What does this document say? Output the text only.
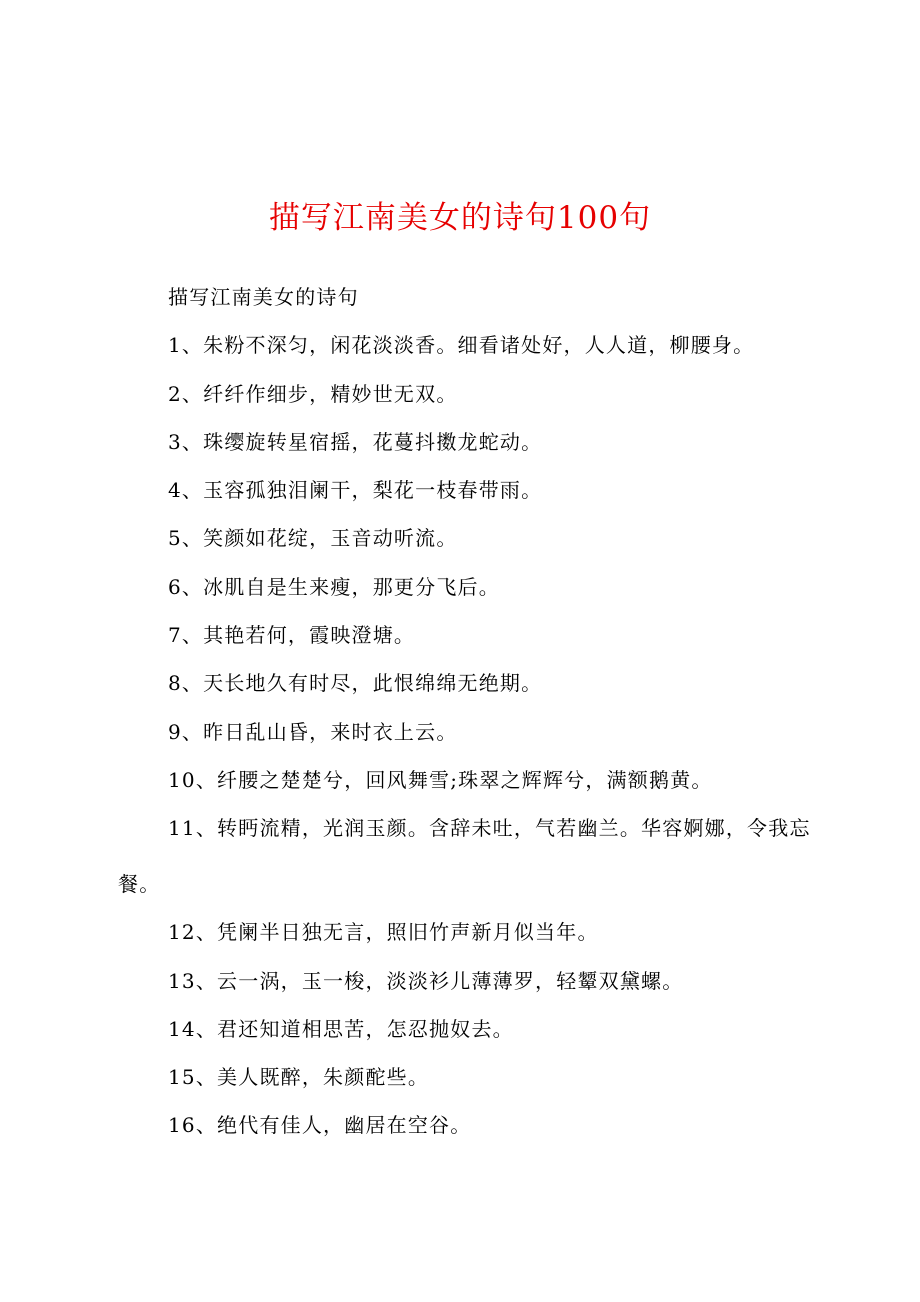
描写江南美女的诗句100句

描写江南美女的诗句

1、朱粉不深匀，闲花淡淡香。细看诸处好，人人道，柳腰身。

2、纤纤作细步，精妙世无双。

3、珠缨旋转星宿摇，花蔓抖擞龙蛇动。

4、玉容孤独泪阑干，梨花一枝春带雨。

5、笑颜如花绽，玉音动听流。

6、冰肌自是生来瘦，那更分飞后。

7、其艳若何，霞映澄塘。

8、天长地久有时尽，此恨绵绵无绝期。

9、昨日乱山昏，来时衣上云。

10、纤腰之楚楚兮，回风舞雪;珠翠之辉辉兮，满额鹅黄。

11、转眄流精，光润玉颜。含辞未吐，气若幽兰。华容婀娜，令我忘餐。

12、凭阑半日独无言，照旧竹声新月似当年。

13、云一涡，玉一梭，淡淡衫儿薄薄罗，轻颦双黛螺。

14、君还知道相思苦，怎忍抛奴去。

15、美人既醉，朱颜酡些。

16、绝代有佳人，幽居在空谷。
